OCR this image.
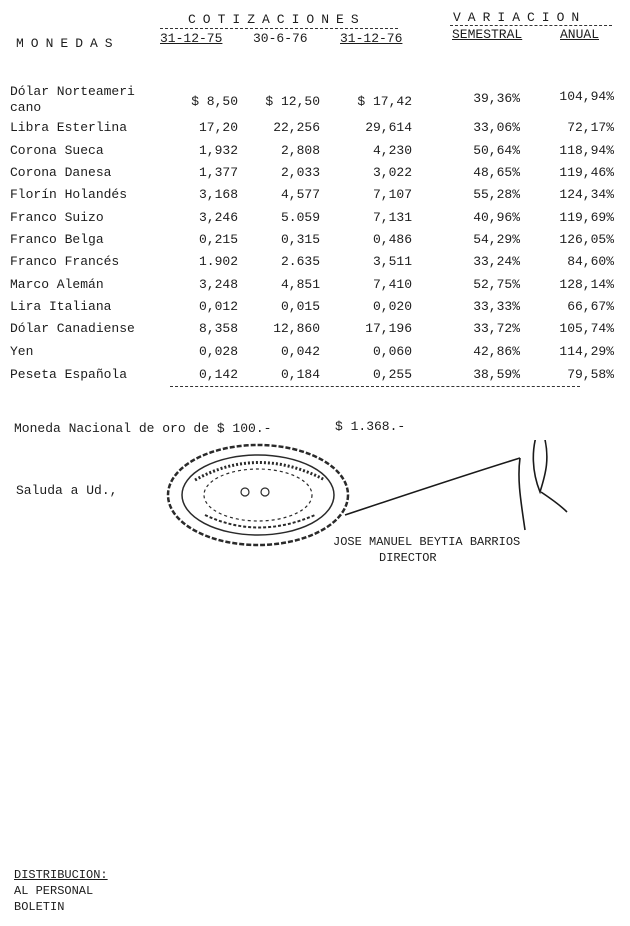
COTIZACIONES	VARIACION
MONEDAS	31-12-75 30-6-76 31-12-76	SEMESTRAL	ANUAL
Dólar Norteameri
cano	$ 8,50	$ 12,50	$ 17,42	39,36%	104,94%
Libra Esterlina	17,20	22,256	29,614	33,06%	72,17%
Corona Sueca	1,932	2,808	4,230	50,64%	118,94%
Corona Danesa	1,377	2,033	3,022	48,65%	119,46%
Florín Holandés	3,168	4,577	7,107	55,28%	124,34%
Franco Suizo	3,246	5.059	7,131	40,96%	119,69%
Franco Belga	0,215	0,315	0,486	54,29%	126,05%
Franco Francés	1.902	2.635	3,511	33,24%	84,60%
Marco Alemán	3,248	4,851	7,410	52,75%	128,14%
Lira Italiana	0,012	0,015	0,020	33,33%	66,67%
Dólar Canadiense	8,358	12,860	17,196	33,72%	105,74%
Yen	0,028	0,042	0,060	42,86%	114,29%
Peseta Española	0,142	0,184	0,255	38,59%	79,58%
Moneda Nacional de oro de $ 100.-	$ 1.368.-
Saluda a Ud.,
JOSE MANUEL BEYTIA BARRIOS
DIRECTOR
DISTRIBUCION:
AL PERSONAL
BOLETIN
